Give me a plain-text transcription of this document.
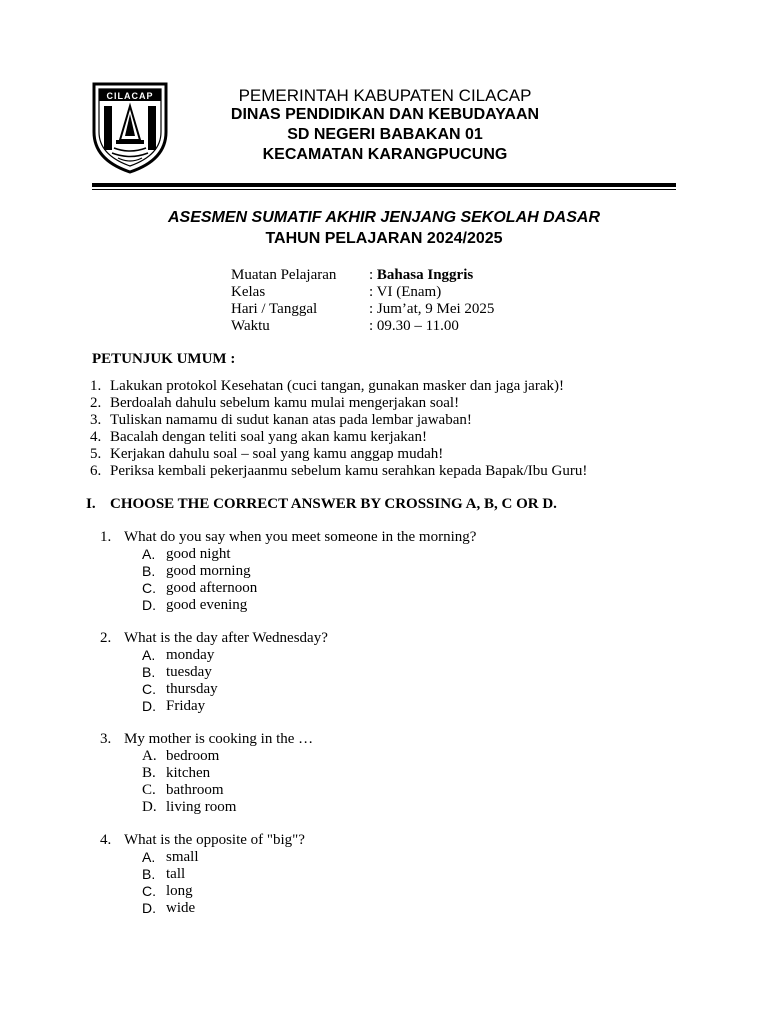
CILACAP	PEMERINTAH KABUPATEN CILACAP
DINAS PENDIDIKAN DAN KEBUDAYAAN
SD NEGERI BABAKAN 01
KECAMATAN KARANGPUCUNG
ASESMEN SUMATIF AKHIR JENJANG SEKOLAH DASAR
TAHUN PELAJARAN 2024/2025
Muatan Pelajaran : Bahasa Inggris
Kelas	: VI (Enam)
Hari / Tanggal	: Jum’at, 9 Mei 2025
Waktu	: 09.30 – 11.00
PETUNJUK UMUM :
1. Lakukan protokol Kesehatan (cuci tangan, gunakan masker dan jaga jarak)!
2. Berdoalah dahulu sebelum kamu mulai mengerjakan soal!
3. Tuliskan namamu di sudut kanan atas pada lembar jawaban!
4. Bacalah dengan teliti soal yang akan kamu kerjakan!
5. Kerjakan dahulu soal – soal yang kamu anggap mudah!
6. Periksa kembali pekerjaanmu sebelum kamu serahkan kepada Bapak/Ibu Guru!
I. CHOOSE THE CORRECT ANSWER BY CROSSING A, B, C OR D.
1. What do you say when you meet someone in the morning?
A. good night
B. good morning
C. good afternoon
D. good evening
2. What is the day after Wednesday?
A. monday
B. tuesday
C. thursday
D. Friday
3. My mother is cooking in the …
A. bedroom
B. kitchen
C. bathroom
D. living room
4. What is the opposite of "big"?
A. small
B. tall
C. long
D. wide
